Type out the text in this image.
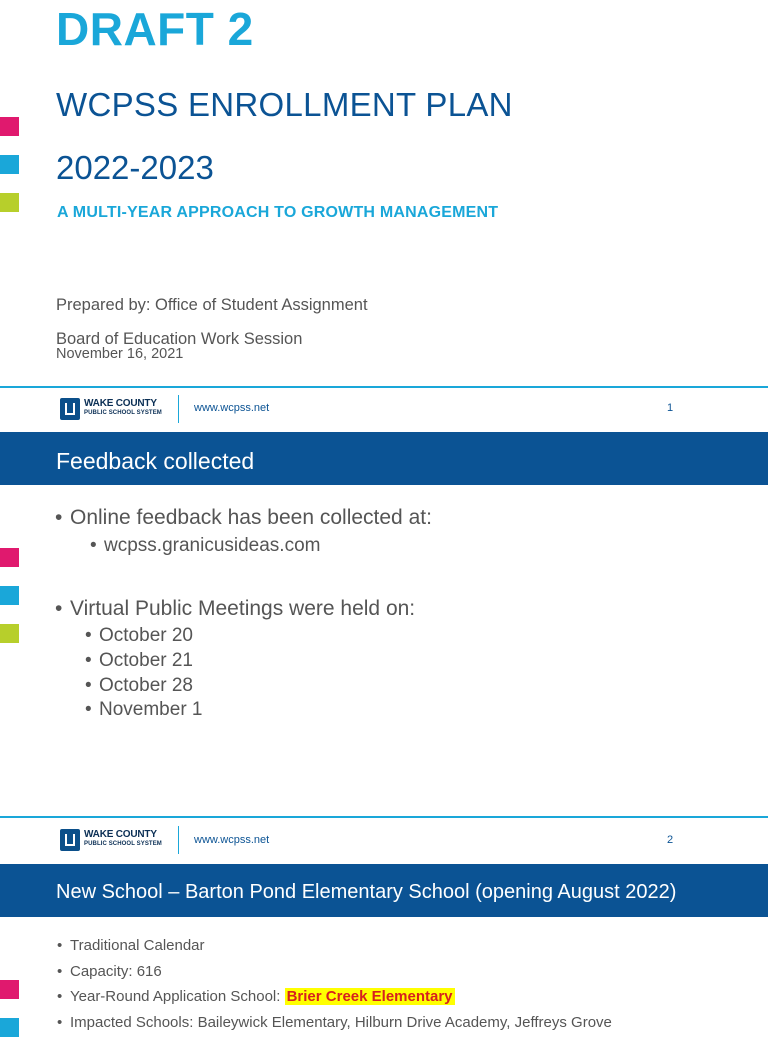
DRAFT 2
WCPSS ENROLLMENT PLAN
2022-2023
A MULTI-YEAR APPROACH TO GROWTH MANAGEMENT
Prepared by: Office of Student Assignment
Board of Education Work Session
November 16, 2021
WAKE COUNTY
PUBLIC SCHOOL SYSTEM	www.wcpss.net	1
Feedback collected
• Online feedback has been collected at:
• wcpss.granicusideas.com
• Virtual Public Meetings were held on:
• October 20
• October 21
• October 28
• November 1
WAKE COUNTY
PUBLIC SCHOOL SYSTEM	www.wcpss.net	2
New School – Barton Pond Elementary School (opening August 2022)
• Traditional Calendar
• Capacity: 616
• Year-Round Application School: Brier Creek Elementary
• Impacted Schools: Baileywick Elementary, Hilburn Drive Academy, Jeffreys Grove
